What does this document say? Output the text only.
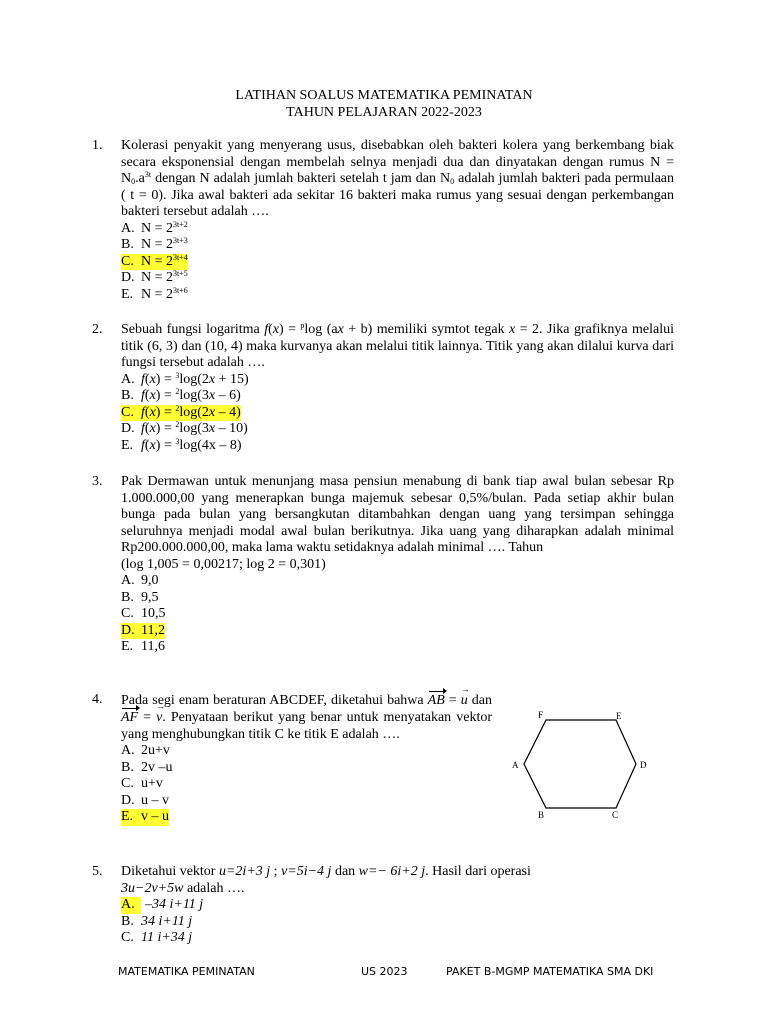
LATIHAN SOALUS MATEMATIKA PEMINATAN
TAHUN PELAJARAN 2022-2023
1. Kolerasi penyakit yang menyerang usus, disebabkan oleh bakteri kolera yang berkembang biak secara eksponensial dengan membelah selnya menjadi dua dan dinyatakan dengan rumus $N = N_0.a^{3t}$ dengan N adalah jumlah bakteri setelah t jam dan $N_0$ adalah jumlah bakteri pada permulaan ( t = 0). Jika awal bakteri ada sekitar 16 bakteri maka rumus yang sesuai dengan perkembangan bakteri tersebut adalah ….
A. $N = 2^{3t+2}$
B. $N = 2^{3t+3}$
C. $N = 2^{3t+4}$
D. $N = 2^{3t+5}$
E. $N = 2^{3t+6}$
2. Sebuah fungsi logaritma f(x) = $^p$log (ax + b) memiliki symtot tegak x = 2. Jika grafiknya melalui titik (6, 3) dan (10, 4) maka kurvanya akan melalui titik lainnya. Titik yang akan dilalui kurva dari fungsi tersebut adalah ….
A. f(x) = $^3$log(2x + 15)
B. f(x) = $^2$log(3x – 6)
C. f(x) = $^2$log(2x – 4)
D. f(x) = $^2$log(3x – 10)
E. f(x) = $^3$log(4x – 8)
3. Pak Dermawan untuk menunjang masa pensiun menabung di bank tiap awal bulan sebesar Rp 1.000.000,00 yang menerapkan bunga majemuk sebesar 0,5%/bulan. Pada setiap akhir bulan bunga pada bulan yang bersangkutan ditambahkan dengan uang yang tersimpan sehingga seluruhnya menjadi modal awal bulan berikutnya. Jika uang yang diharapkan adalah minimal Rp200.000.000,00, maka lama waktu setidaknya adalah minimal …. Tahun
(log 1,005 = 0,00217; log 2 = 0,301)
A. 9,0
B. 9,5
C. 10,5
D. 11,2
E. 11,6
4. Pada segi enam beraturan ABCDEF, diketahui bahwa AB = u → dan AF = v →. Penyataan berikut yang benar untuk menyatakan vektor yang menghubungkan titik C ke titik E adalah ….
A. 2u+v
B. 2v –u
C. u+v
D. u – v
E. v – u
F	E
A	D
B	C
5. Diketahui vektor u=2i+3 j ; v=5i−4 j dan w=− 6i+2 j. Hasil dari operasi
3u−2v+5w adalah ….
A. –34 i+11 j
B. 34 i+11 j
C. 11 i+34 j
MATEMATIKA PEMINATAN	US 2023	PAKET B-MGMP MATEMATIKA SMA DKI
